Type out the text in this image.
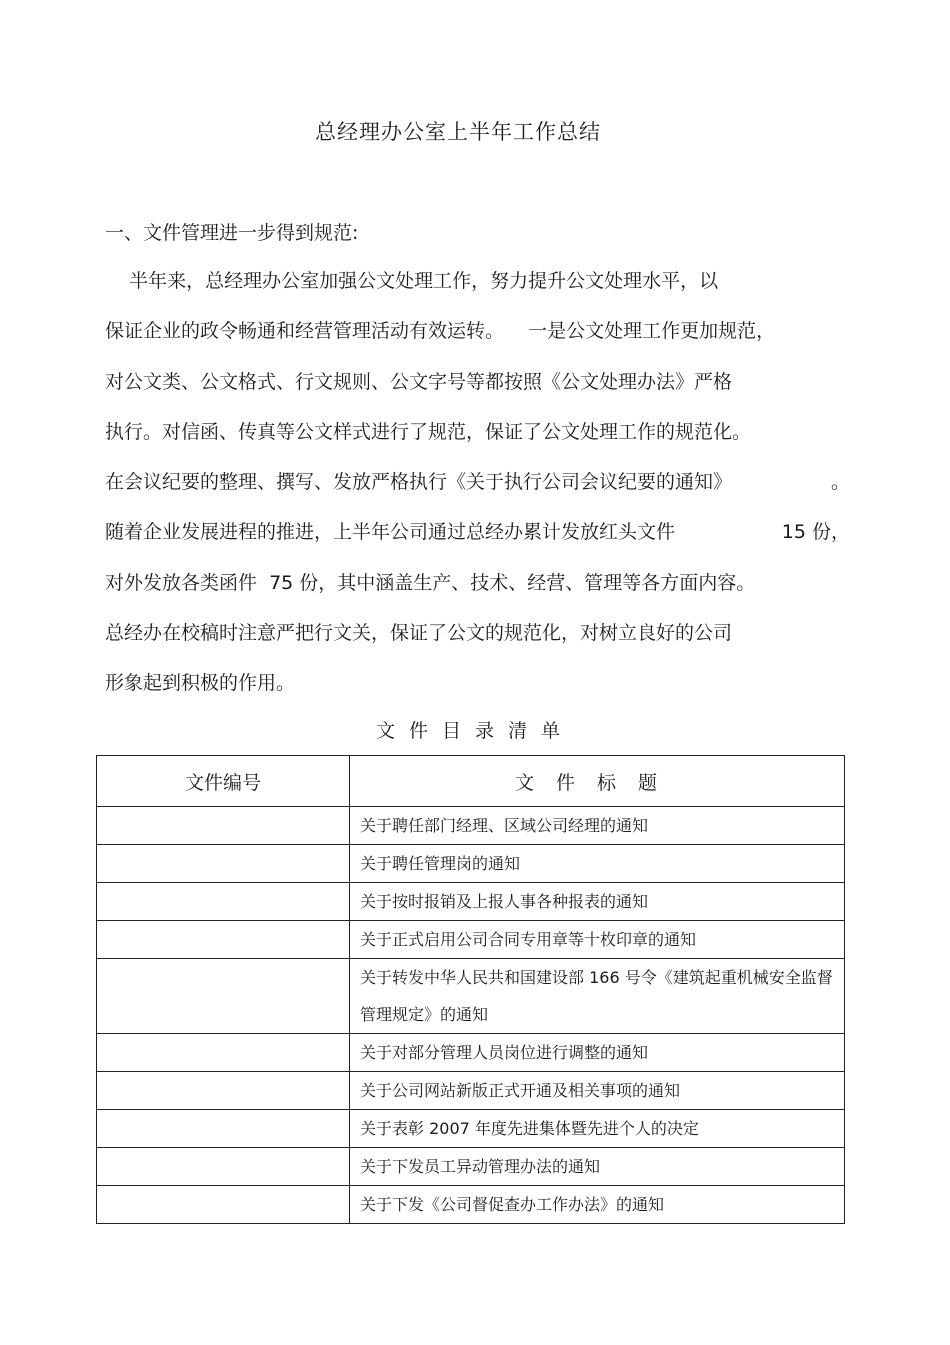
总经理办公室上半年工作总结
一、文件管理进一步得到规范:
半年来，总经理办公室加强公文处理工作，努力提升公文处理水平，以
保证企业的政令畅通和经营管理活动有效运转。    一是公文处理工作更加规范，
对公文类、公文格式、行文规则、公文字号等都按照《公文处理办法》严格
执行。对信函、传真等公文样式进行了规范，保证了公文处理工作的规范化。
在会议纪要的整理、撰写、发放严格执行《关于执行公司会议纪要的通知》	。
随着企业发展进程的推进，上半年公司通过总经办累计发放红头文件	15 份，
对外发放各类函件  75 份，其中涵盖生产、技术、经营、管理等各方面内容。
总经办在校稿时注意严把行文关，保证了公文的规范化，对树立良好的公司
形象起到积极的作用。
文件目录清单
文件编号	文件标题
	关于聘任部门经理、区域公司经理的通知
	关于聘任管理岗的通知
	关于按时报销及上报人事各种报表的通知
	关于正式启用公司合同专用章等十枚印章的通知
	关于转发中华人民共和国建设部 166 号令《建筑起重机械安全监督管理规定》的通知
	关于对部分管理人员岗位进行调整的通知
	关于公司网站新版正式开通及相关事项的通知
	关于表彰 2007 年度先进集体暨先进个人的决定
	关于下发员工异动管理办法的通知
	关于下发《公司督促查办工作办法》的通知
